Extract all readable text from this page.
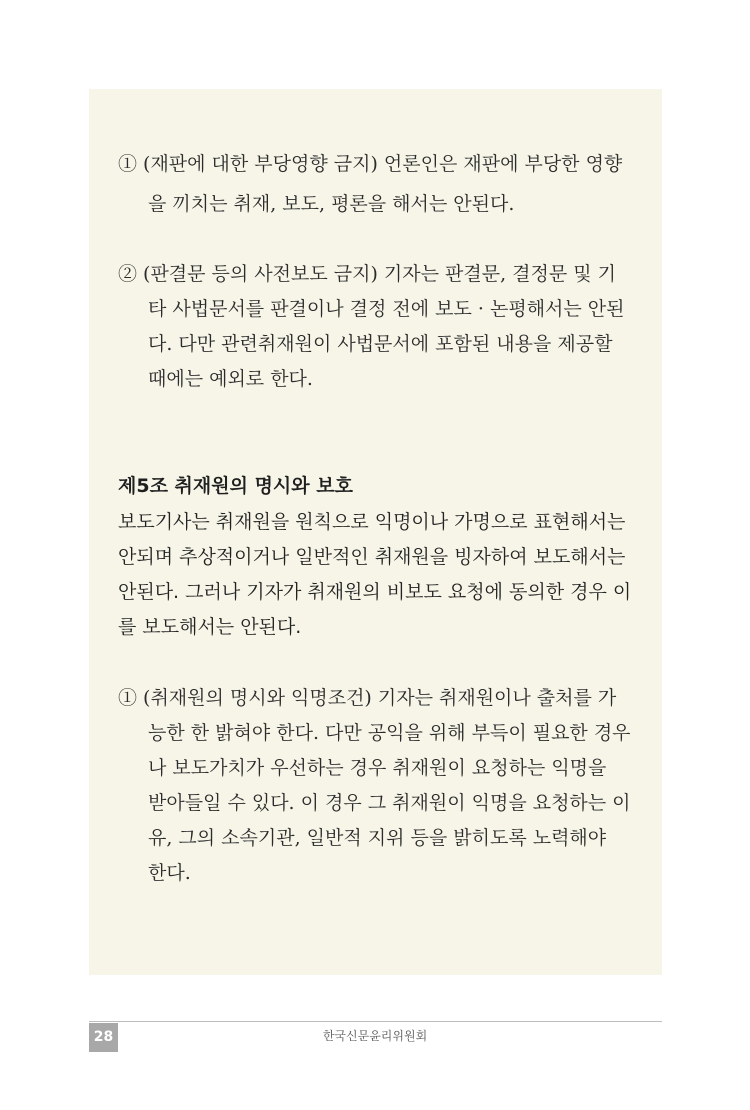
① (재판에 대한 부당영향 금지) 언론인은 재판에 부당한 영향
을 끼치는 취재, 보도, 평론을 해서는 안된다.
② (판결문 등의 사전보도 금지) 기자는 판결문, 결정문 및 기
타 사법문서를 판결이나 결정 전에 보도 · 논평해서는 안된
다. 다만 관련취재원이 사법문서에 포함된 내용을 제공할
때에는 예외로 한다.
제5조 취재원의 명시와 보호
보도기사는 취재원을 원칙으로 익명이나 가명으로 표현해서는
안되며 추상적이거나 일반적인 취재원을 빙자하여 보도해서는
안된다. 그러나 기자가 취재원의 비보도 요청에 동의한 경우 이
를 보도해서는 안된다.
① (취재원의 명시와 익명조건) 기자는 취재원이나 출처를 가
능한 한 밝혀야 한다. 다만 공익을 위해 부득이 필요한 경우
나 보도가치가 우선하는 경우 취재원이 요청하는 익명을
받아들일 수 있다. 이 경우 그 취재원이 익명을 요청하는 이
유, 그의 소속기관, 일반적 지위 등을 밝히도록 노력해야
한다.
28	한국신문윤리위원회
